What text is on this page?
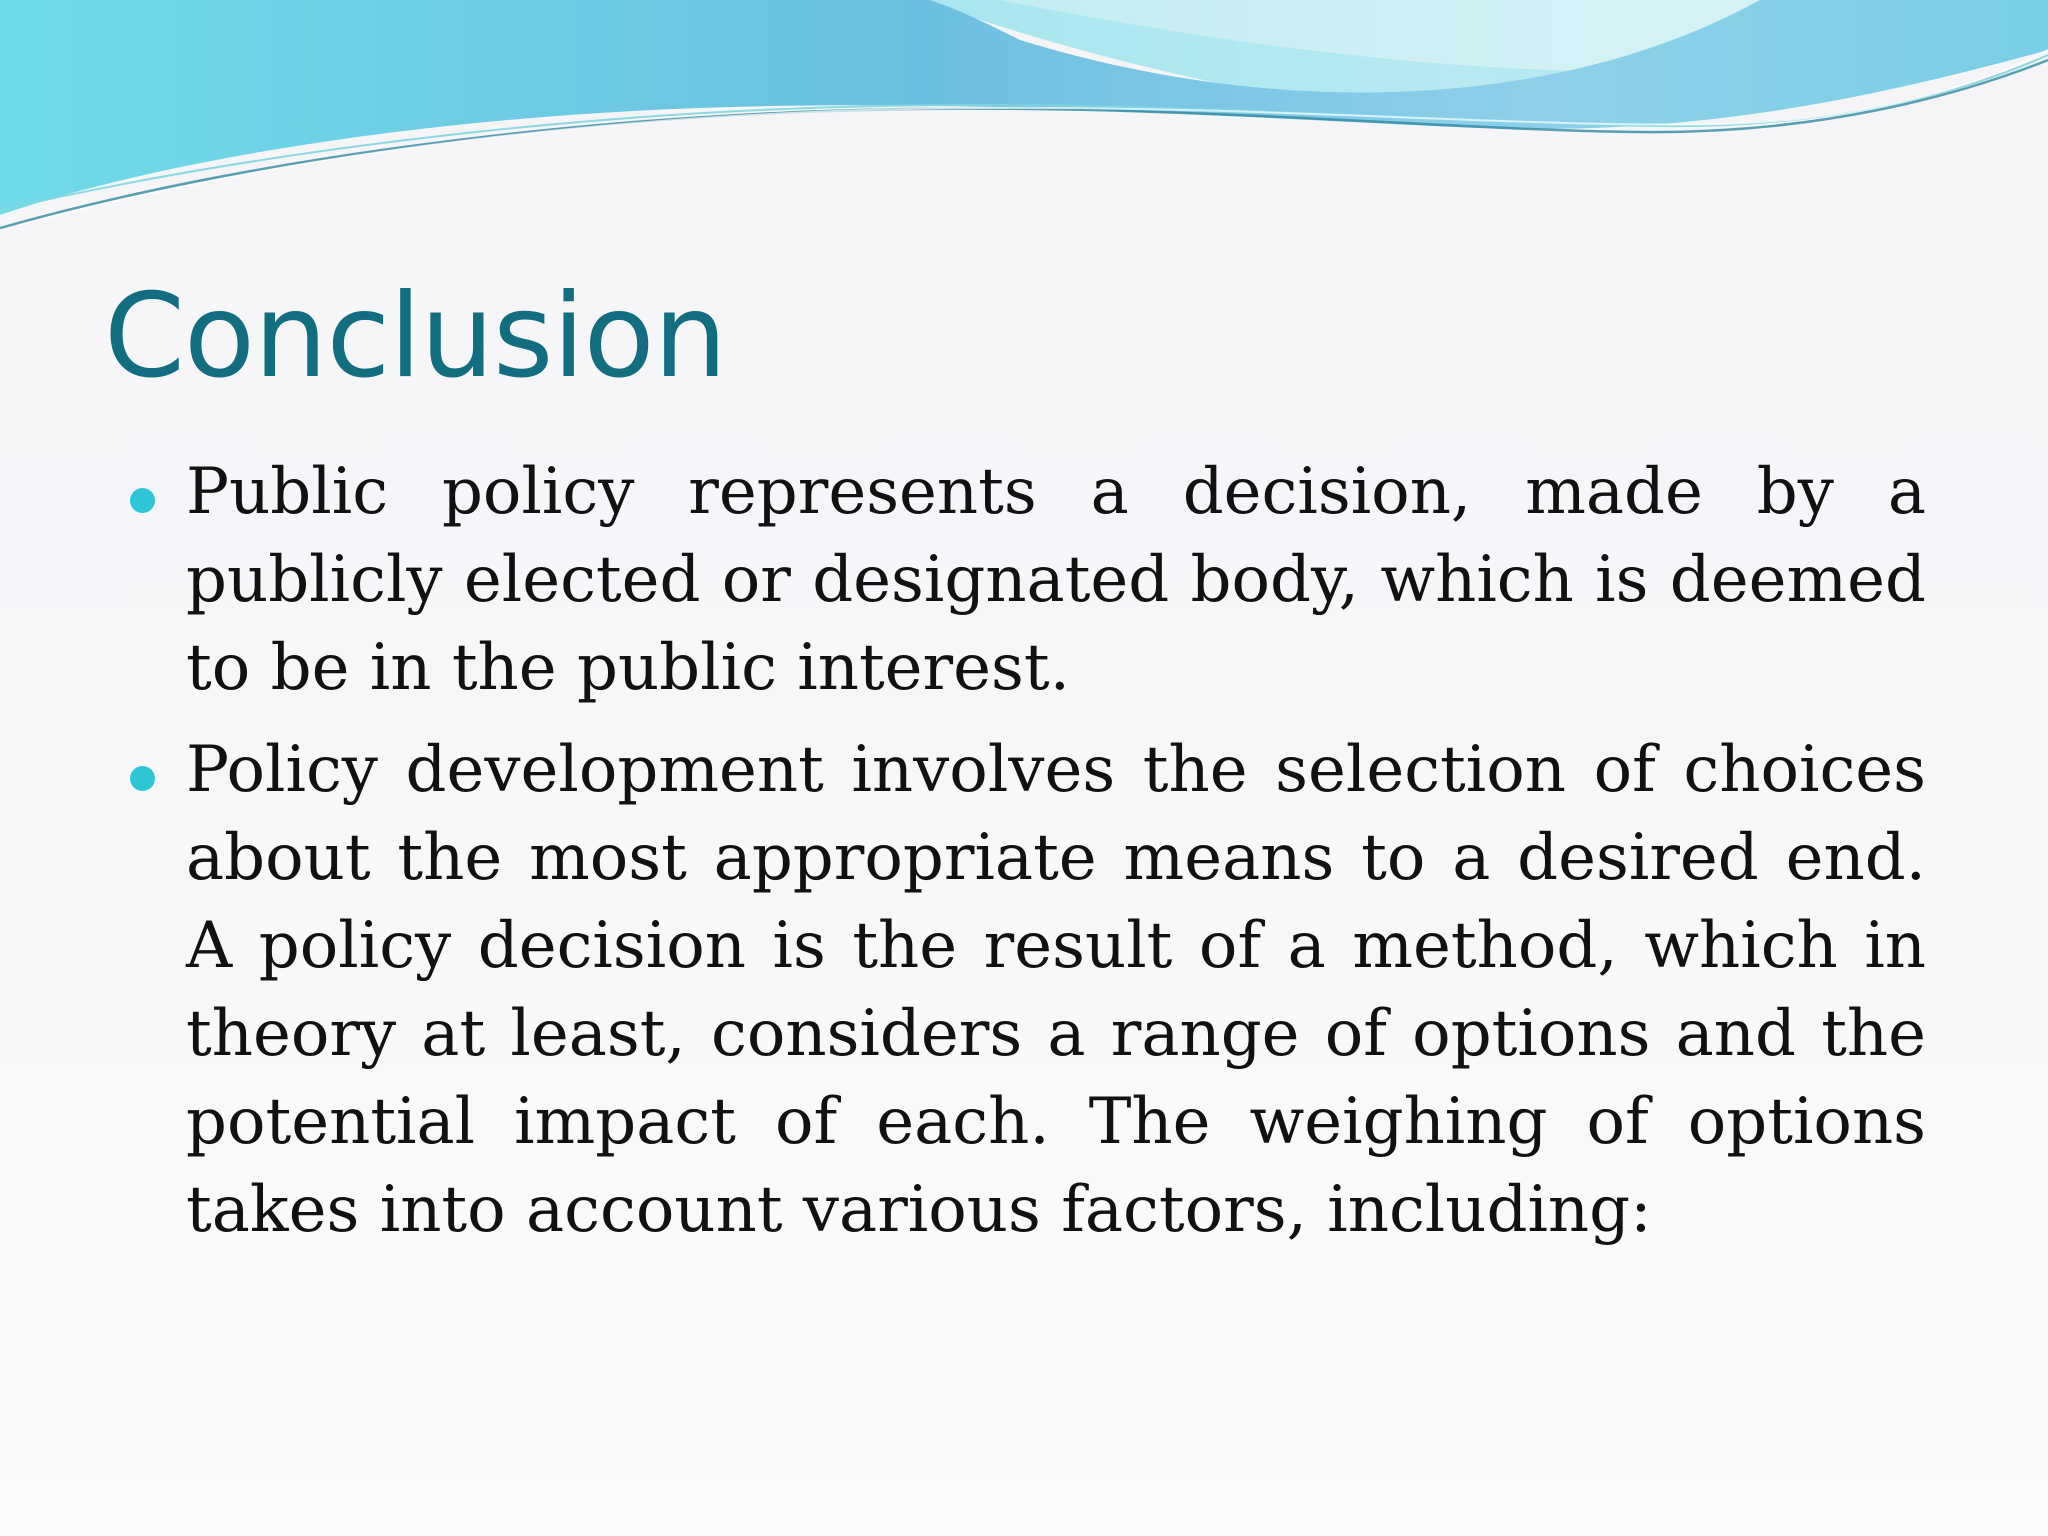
Conclusion
Public policy represents a decision, made by a publicly elected or designated body, which is deemed to be in the public interest.
Policy development involves the selection of choices about the most appropriate means to a desired end. A policy decision is the result of a method, which in theory at least, considers a range of options and the potential impact of each. The weighing of options takes into account various factors, including:
